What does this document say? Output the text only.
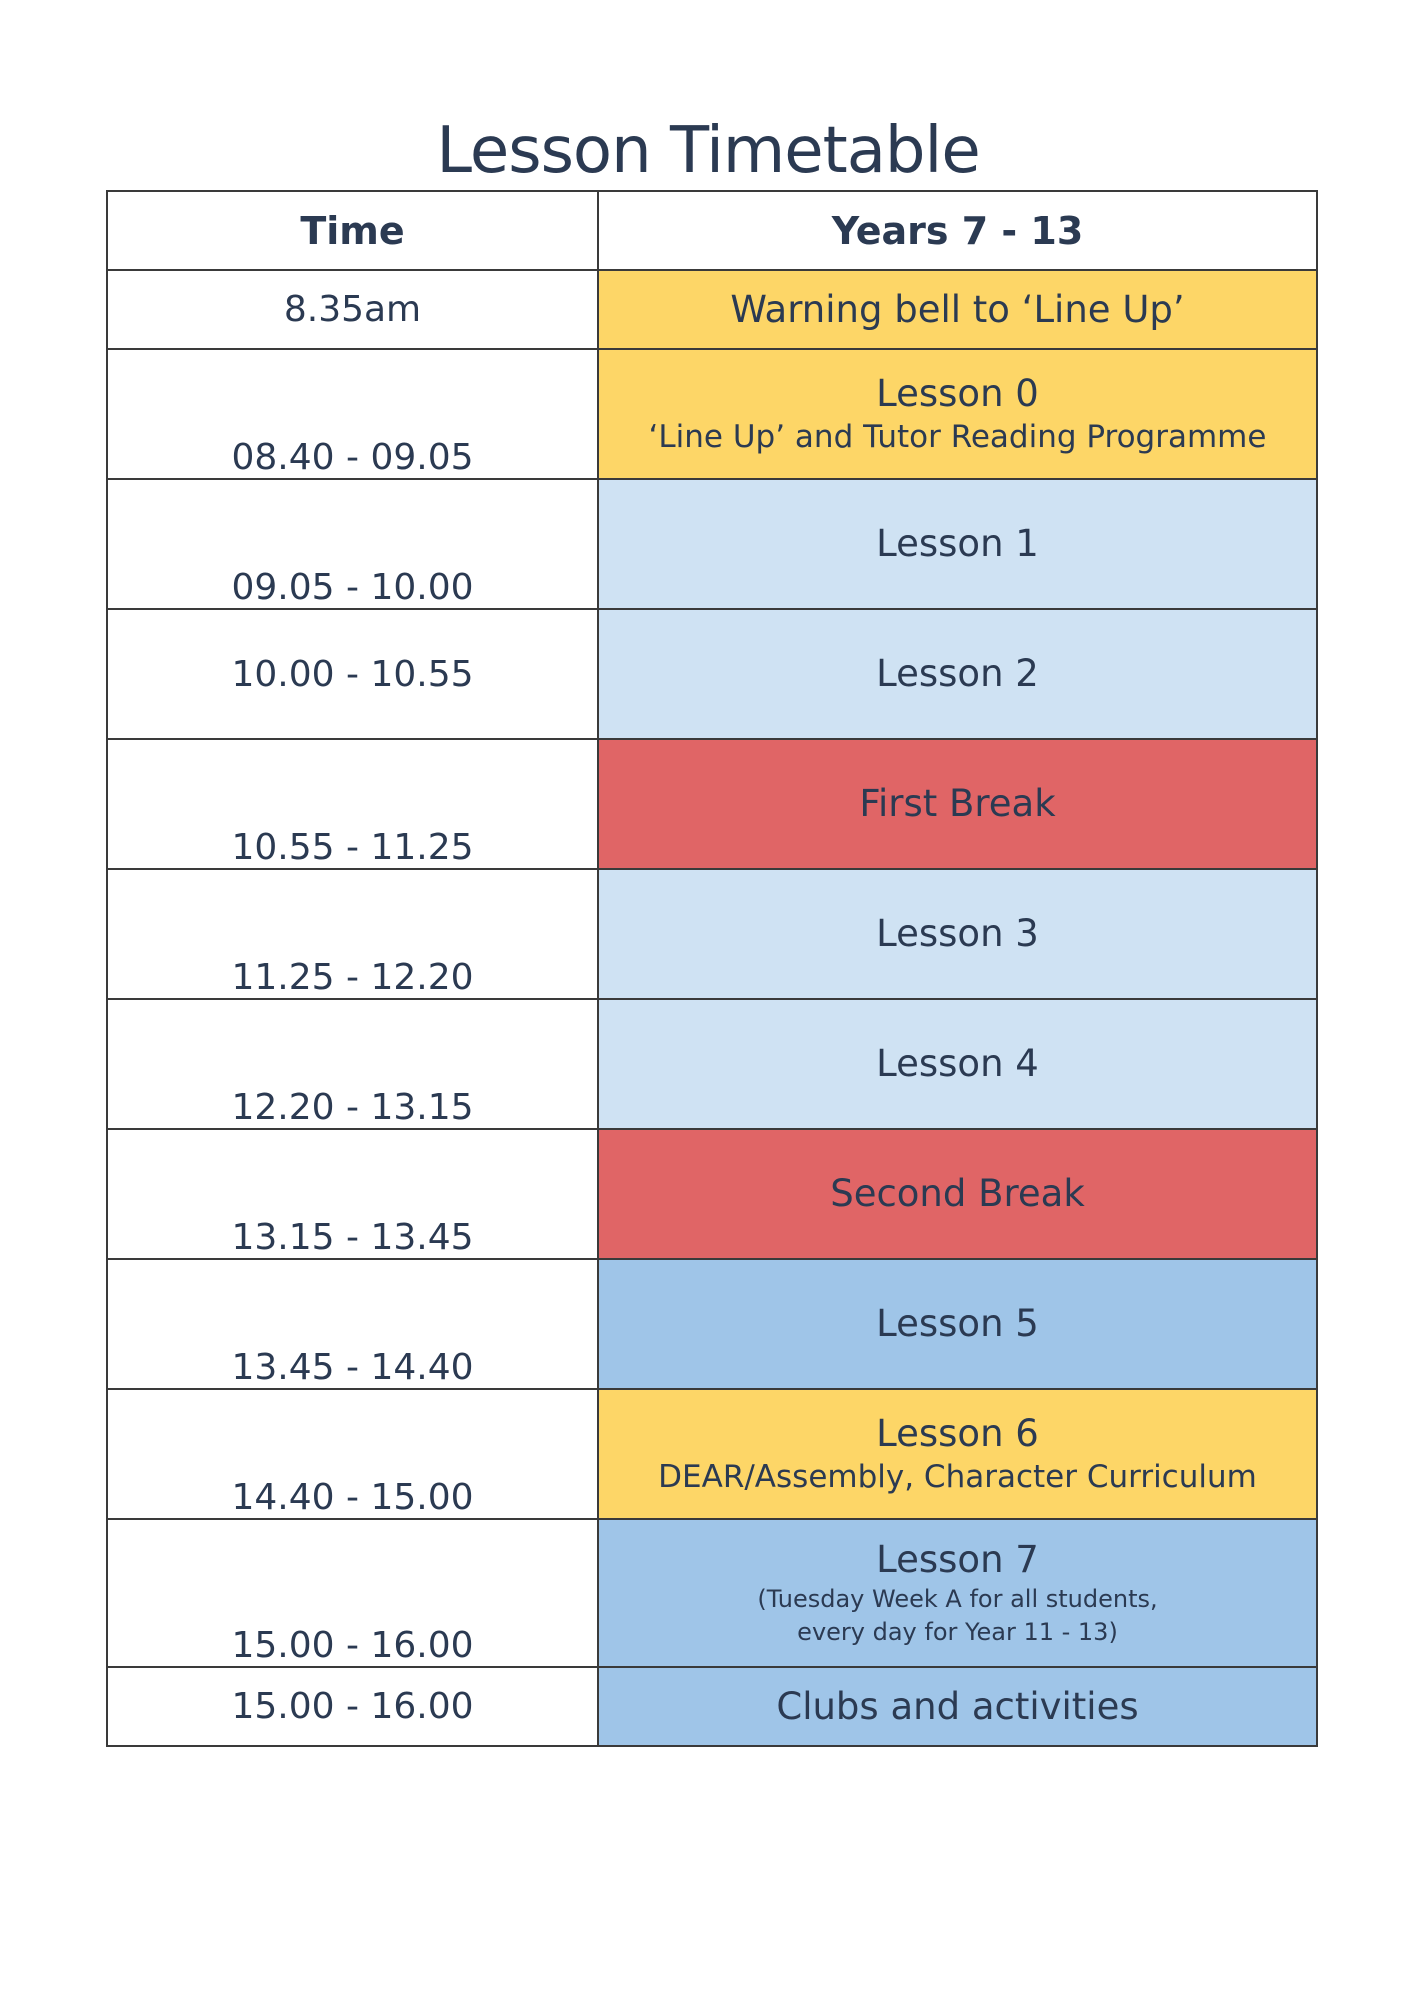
Lesson Timetable
Time	Years 7 - 13
8.35am	Warning bell to ‘Line Up’

08.40 - 09.05	Lesson 0
‘Line Up’ and Tutor Reading Programme

09.05 - 10.00	Lesson 1

10.00 - 10.55	Lesson 2

10.55 - 11.25	First Break

11.25 - 12.20	Lesson 3

12.20 - 13.15	Lesson 4

13.15 - 13.45	Second Break

13.45 - 14.40	Lesson 5

14.40 - 15.00	Lesson 6
DEAR/Assembly, Character Curriculum

15.00 - 16.00	Lesson 7
(Tuesday Week A for all students,
every day for Year 11 - 13)

15.00 - 16.00	Clubs and activities
